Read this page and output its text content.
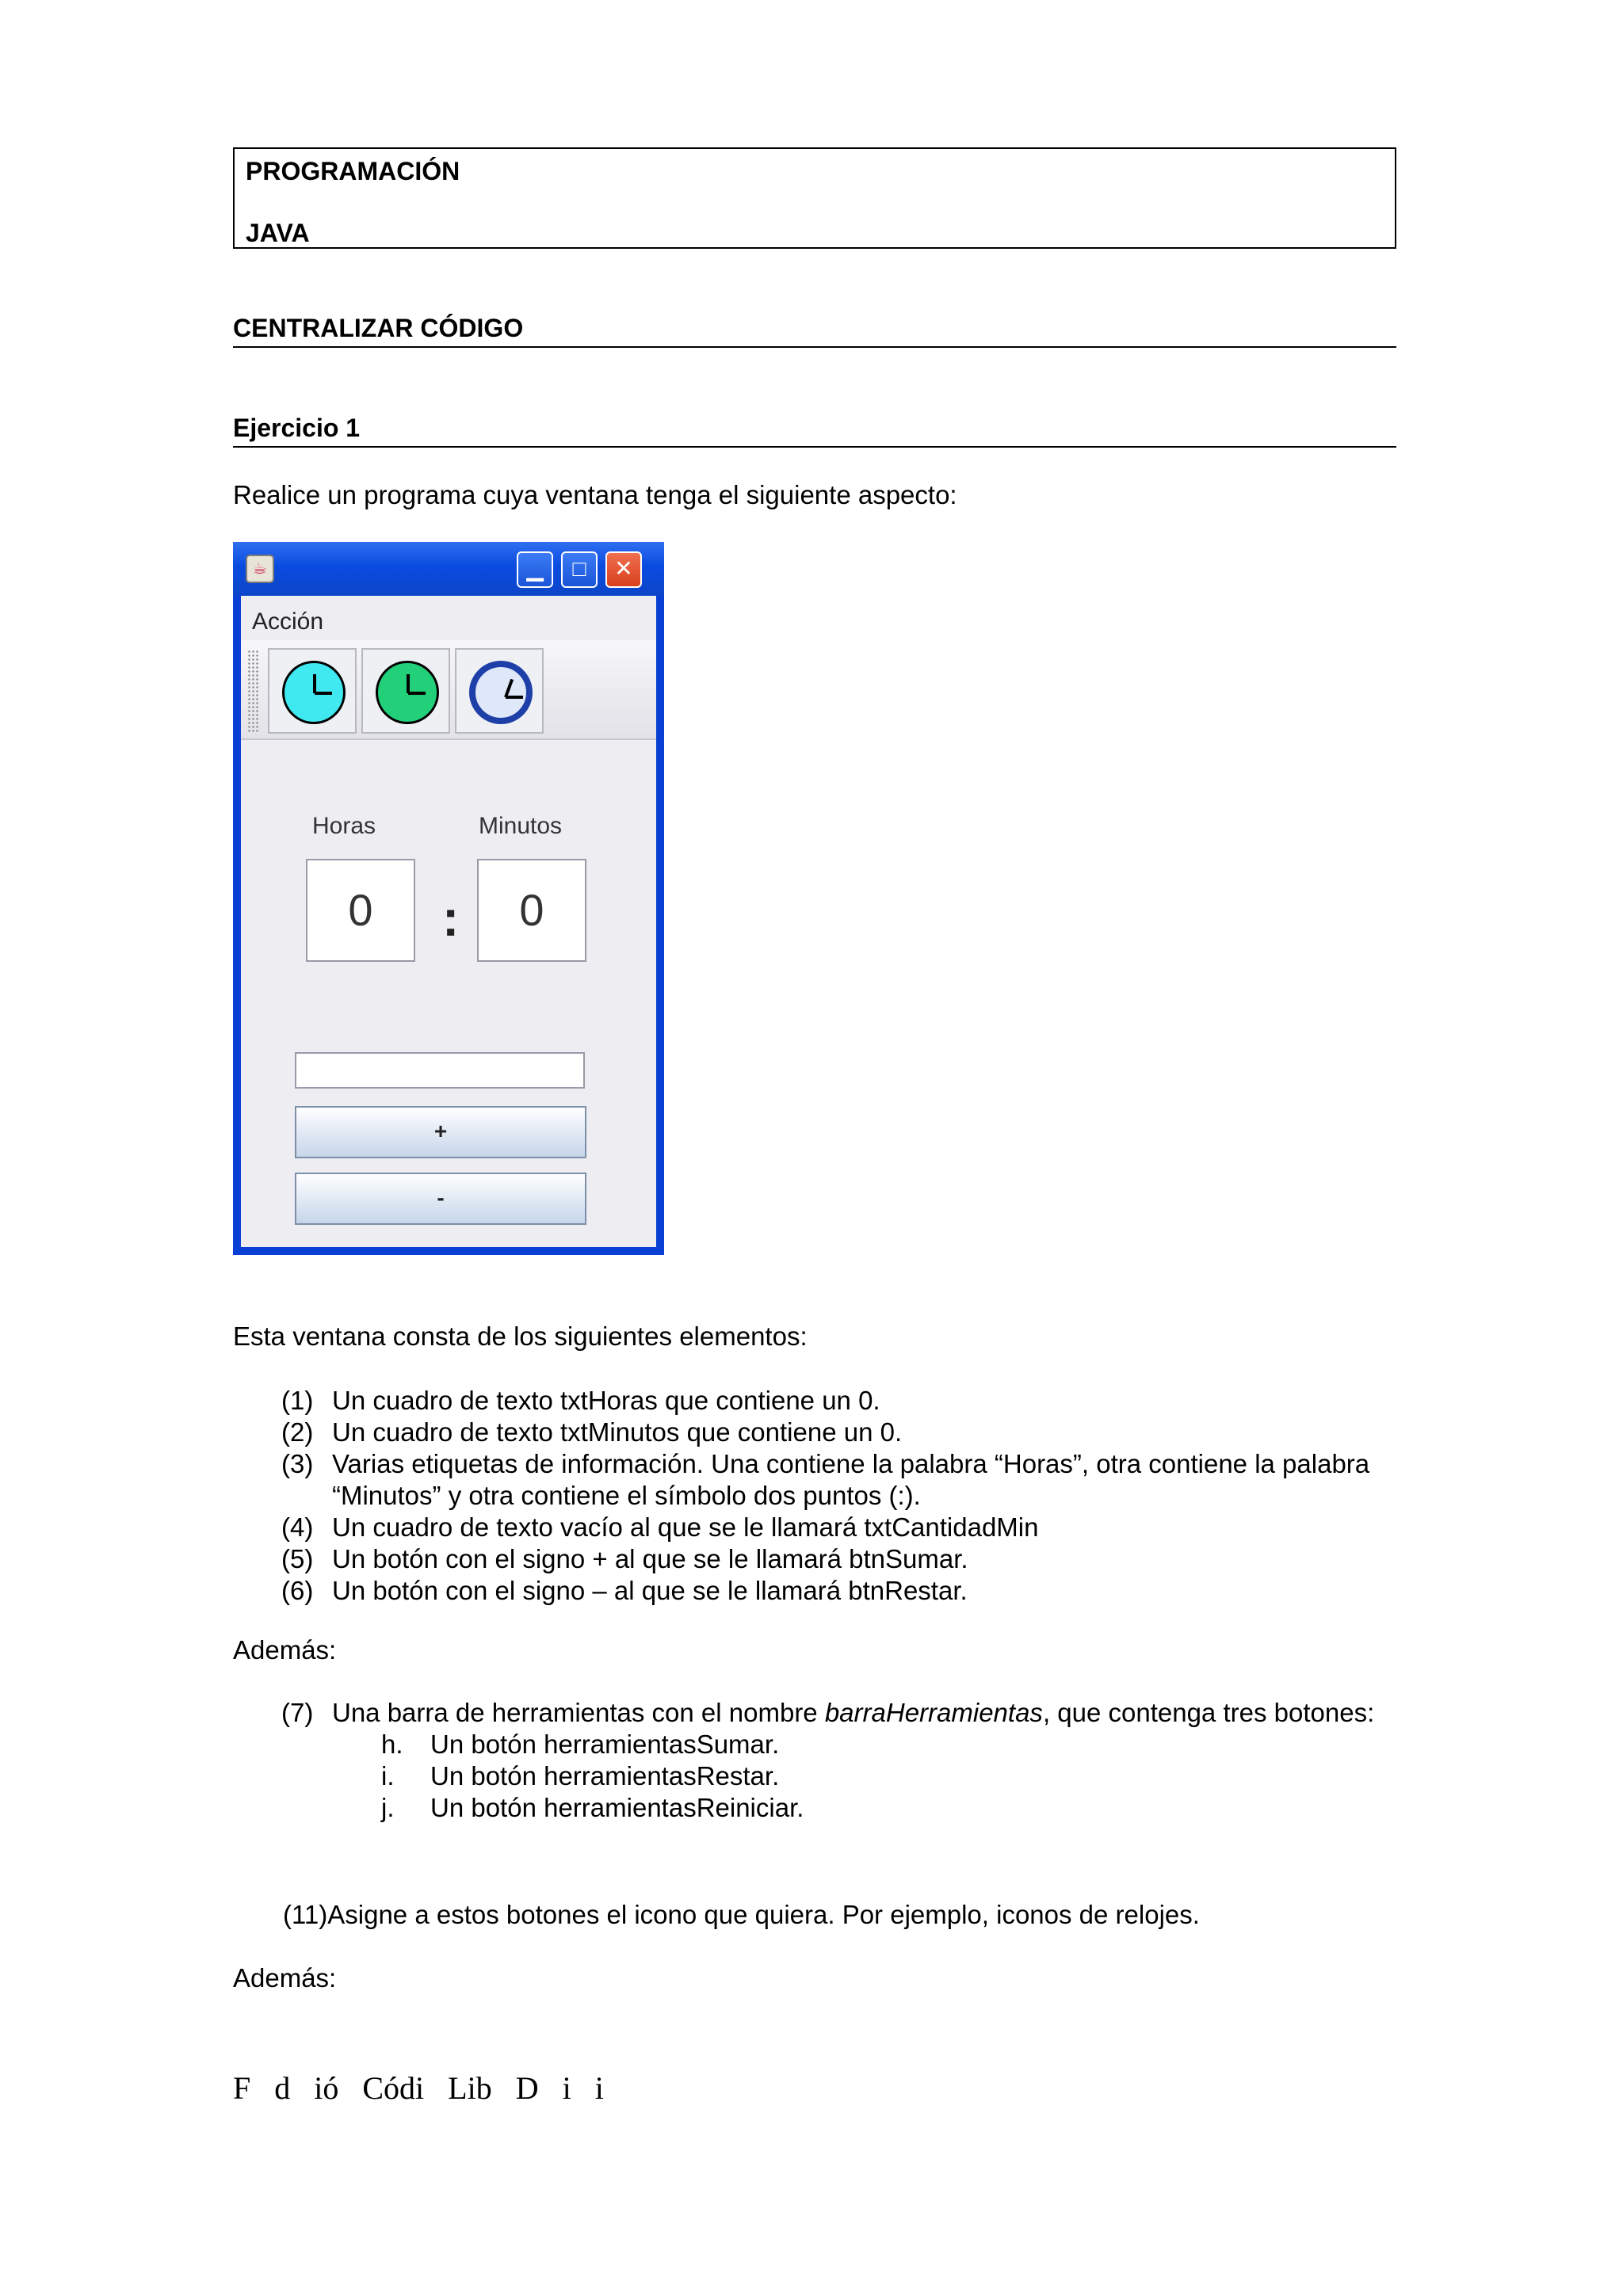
PROGRAMACIÓN
JAVA
CENTRALIZAR CÓDIGO
Ejercicio 1
Realice un programa cuya ventana tenga el siguiente aspecto:
☕	▁	□	✕
Acción
Horas	Minutos
0	:	0
+
-
Esta ventana consta de los siguientes elementos:
(1) Un cuadro de texto txtHoras que contiene un 0.
(2) Un cuadro de texto txtMinutos que contiene un 0.
(3) Varias etiquetas de información. Una contiene la palabra “Horas”, otra contiene la palabra “Minutos” y otra contiene el símbolo dos puntos (:).
(4) Un cuadro de texto vacío al que se le llamará txtCantidadMin
(5) Un botón con el signo + al que se le llamará btnSumar.
(6) Un botón con el signo – al que se le llamará btnRestar.
Además:
(7) Una barra de herramientas con el nombre barraHerramientas, que contenga tres botones:
h. Un botón herramientasSumar.
i. Un botón herramientasRestar.
j. Un botón herramientasReiniciar.
(11)Asigne a estos botones el icono que quiera. Por ejemplo, iconos de relojes.
Además:
F d ió Códi Lib D i i
